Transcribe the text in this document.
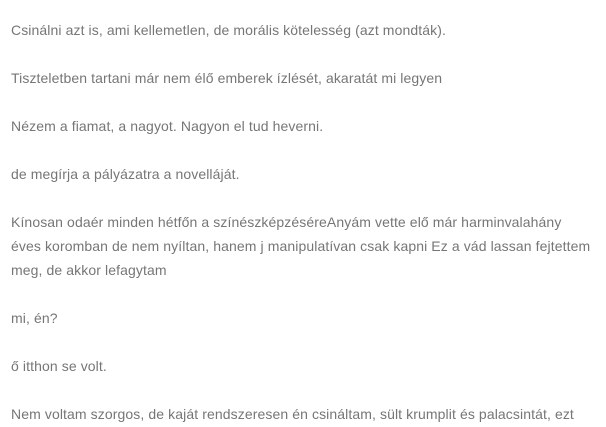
Csinálni azt is, ami kellemetlen, de morális kötelesség (azt mondták).

Tiszteletben tartani már nem élő emberek ízlését, akaratát mi legyen

Nézem a fiamat, a nagyot. Nagyon el tud heverni.

de megírja a pályázatra a novelláját.

Kínosan odaér minden hétfőn a színészképzéséreAnyám vette elő már harminvalahány éves koromban de nem nyíltan, hanem j manipulatívan csak kapni Ez a vád lassan fejtettem meg, de akkor lefagytam

mi, én?

ő itthon se volt.

Nem voltam szorgos, de kaját rendszeresen én csináltam, sült krumplit és palacsintát, ezt
